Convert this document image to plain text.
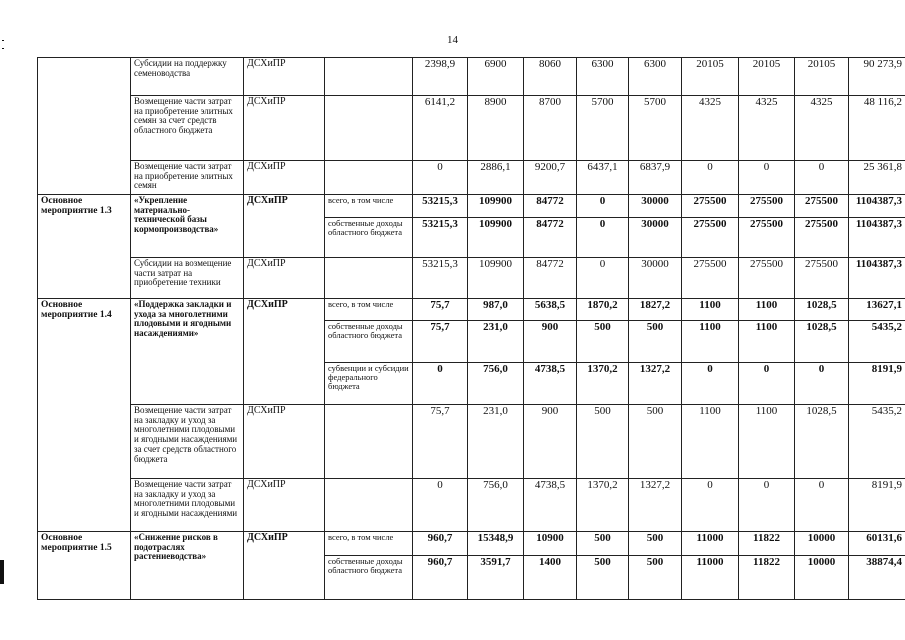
14
	Субсидии на поддержку семеноводства	ДСХиПР		2398,9	6900	8060	6300	6300	20105	20105	20105	90 273,9
	Возмещение части затрат на приобретение элитных семян за счет средств областного бюджета	ДСХиПР		6141,2	8900	8700	5700	5700	4325	4325	4325	48 116,2
	Возмещение части затрат на приобретение элитных семян	ДСХиПР		0	2886,1	9200,7	6437,1	6837,9	0	0	0	25 361,8
Основное мероприятие 1.3	«Укрепление материально-технической базы кормопроизводства»	ДСХиПР	всего, в том числе	53215,3	109900	84772	0	30000	275500	275500	275500	1104387,3
			собственные доходы областного бюджета	53215,3	109900	84772	0	30000	275500	275500	275500	1104387,3
	Субсидии на возмещение части затрат на приобретение техники	ДСХиПР		53215,3	109900	84772	0	30000	275500	275500	275500	1104387,3
Основное мероприятие 1.4	«Поддержка закладки и ухода за многолетними плодовыми и ягодными насаждениями»	ДСХиПР	всего, в том числе	75,7	987,0	5638,5	1870,2	1827,2	1100	1100	1028,5	13627,1
			собственные доходы областного бюджета	75,7	231,0	900	500	500	1100	1100	1028,5	5435,2
			субвенции и субсидии федерального бюджета	0	756,0	4738,5	1370,2	1327,2	0	0	0	8191,9
	Возмещение части затрат на закладку и уход за многолетними плодовыми и ягодными насаждениями за счет средств областного бюджета	ДСХиПР		75,7	231,0	900	500	500	1100	1100	1028,5	5435,2
	Возмещение части затрат на закладку и уход за многолетними плодовыми и ягодными насаждениями	ДСХиПР		0	756,0	4738,5	1370,2	1327,2	0	0	0	8191,9
Основное мероприятие 1.5	«Снижение рисков в подотраслях растениеводства»	ДСХиПР	всего, в том числе	960,7	15348,9	10900	500	500	11000	11822	10000	60131,6
			собственные доходы областного бюджета	960,7	3591,7	1400	500	500	11000	11822	10000	38874,4
